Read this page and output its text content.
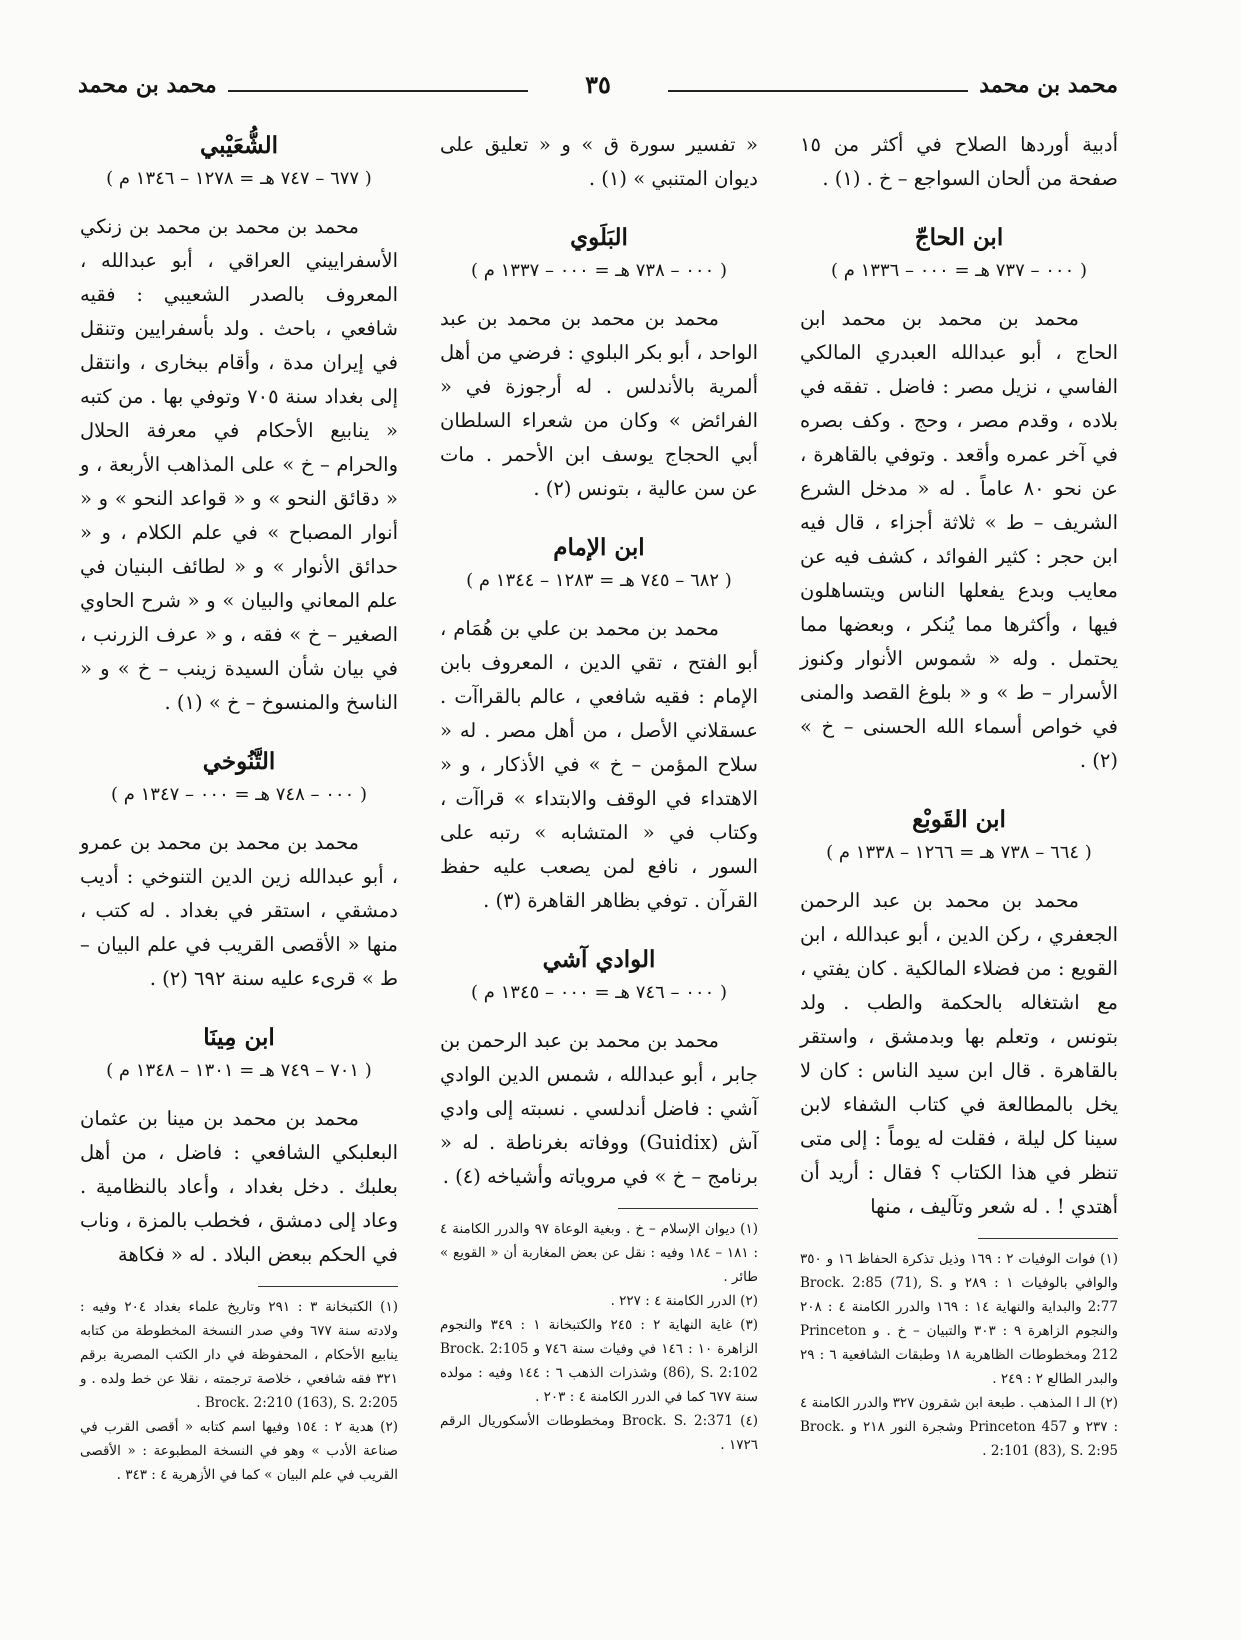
محمد بن محمد
٣٥
محمد بن محمد

أدبية أوردها الصلاح في أكثر من ١٥ صفحة من ألحان السواجع – خ . (١) .

ابن الحاجّ
( ٠٠٠ – ٧٣٧ هـ = ٠٠٠ – ١٣٣٦ م )

محمد بن محمد بن محمد ابن الحاج ، أبو عبدالله العبدري المالكي الفاسي ، نزيل مصر : فاضل . تفقه في بلاده ، وقدم مصر ، وحج . وكف بصره في آخر عمره وأقعد . وتوفي بالقاهرة ، عن نحو ٨٠ عاماً . له « مدخل الشرع الشريف – ط » ثلاثة أجزاء ، قال فيه ابن حجر : كثير الفوائد ، كشف فيه عن معايب وبدع يفعلها الناس ويتساهلون فيها ، وأكثرها مما يُنكر ، وبعضها مما يحتمل . وله « شموس الأنوار وكنوز الأسرار – ط » و « بلوغ القصد والمنى في خواص أسماء الله الحسنى – خ » (٢) .

ابن القَوبْع
( ٦٦٤ – ٧٣٨ هـ = ١٢٦٦ – ١٣٣٨ م )

محمد بن محمد بن عبد الرحمن الجعفري ، ركن الدين ، أبو عبدالله ، ابن القويع : من فضلاء المالكية . كان يفتي ، مع اشتغاله بالحكمة والطب . ولد بتونس ، وتعلم بها وبدمشق ، واستقر بالقاهرة . قال ابن سيد الناس : كان لا يخل بالمطالعة في كتاب الشفاء لابن سينا كل ليلة ، فقلت له يوماً : إلى متى تنظر في هذا الكتاب ؟ فقال : أريد أن أهتدي ! . له شعر وتآليف ، منها

(١) فوات الوفيات ٢ : ١٦٩ وذيل تذكرة الحفاظ ١٦ و ٣٥٠ والوافي بالوفيات ١ : ٢٨٩ و Brock. 2:85 (71), S. 2:77 والبداية والنهاية ١٤ : ١٦٩ والدرر الكامنة ٤ : ٢٠٨ والنجوم الزاهرة ٩ : ٣٠٣ والتبيان – خ . و Princeton 212 ومخطوطات الظاهرية ١٨ وطبقات الشافعية ٦ : ٢٩ والبدر الطالع ٢ : ٢٤٩ .

(٢) الـ ا المذهب . طبعة ابن شقرون ٣٢٧ والدرر الكامنة ٤ : ٢٣٧ و Princeton 457 وشجرة النور ٢١٨ و Brock. 2:101 (83), S. 2:95 .

« تفسير سورة ق » و « تعليق على ديوان المتنبي » (١) .

البَلَوي
( ٠٠٠ – ٧٣٨ هـ = ٠٠٠ – ١٣٣٧ م )

محمد بن محمد بن محمد بن عبد الواحد ، أبو بكر البلوي : فرضي من أهل ألمرية بالأندلس . له أرجوزة في « الفرائض » وكان من شعراء السلطان أبي الحجاج يوسف ابن الأحمر . مات عن سن عالية ، بتونس (٢) .

ابن الإمام
( ٦٨٢ – ٧٤٥ هـ = ١٢٨٣ – ١٣٤٤ م )

محمد بن محمد بن علي بن هُمَام ، أبو الفتح ، تقي الدين ، المعروف بابن الإمام : فقيه شافعي ، عالم بالقراآت . عسقلاني الأصل ، من أهل مصر . له « سلاح المؤمن – خ » في الأذكار ، و « الاهتداء في الوقف والابتداء » قراآت ، وكتاب في « المتشابه » رتبه على السور ، نافع لمن يصعب عليه حفظ القرآن . توفي بظاهر القاهرة (٣) .

الوادي آشي
( ٠٠٠ – ٧٤٦ هـ = ٠٠٠ – ١٣٤٥ م )

محمد بن محمد بن عبد الرحمن بن جابر ، أبو عبدالله ، شمس الدين الوادي آشي : فاضل أندلسي . نسبته إلى وادي آش (Guidix) ووفاته بغرناطة . له « برنامج – خ » في مروياته وأشياخه (٤) .

(١) ديوان الإسلام – خ . وبغية الوعاة ٩٧ والدرر الكامنة ٤ : ١٨١ – ١٨٤ وفيه : نقل عن بعض المغاربة أن « القويع » طائر .

(٢) الدرر الكامنة ٤ : ٢٢٧ .

(٣) غاية النهاية ٢ : ٢٤٥ والكتبخانة ١ : ٣٤٩ والنجوم الزاهرة ١٠ : ١٤٦ في وفيات سنة ٧٤٦ و Brock. 2:105 (86), S. 2:102 وشذرات الذهب ٦ : ١٤٤ وفيه : مولده سنة ٦٧٧ كما في الدرر الكامنة ٤ : ٢٠٣ .

(٤) Brock. S. 2:371 ومخطوطات الأسكوريال الرقم ١٧٢٦ .

الشُّعَيْبي
( ٦٧٧ – ٧٤٧ هـ = ١٢٧٨ – ١٣٤٦ م )

محمد بن محمد بن محمد بن زنكي الأسفراييني العراقي ، أبو عبدالله ، المعروف بالصدر الشعيبي : فقيه شافعي ، باحث . ولد بأسفرايين وتنقل في إيران مدة ، وأقام ببخارى ، وانتقل إلى بغداد سنة ٧٠٥ وتوفي بها . من كتبه « ينابيع الأحكام في معرفة الحلال والحرام – خ » على المذاهب الأربعة ، و « دقائق النحو » و « قواعد النحو » و « أنوار المصباح » في علم الكلام ، و « حدائق الأنوار » و « لطائف البنيان في علم المعاني والبيان » و « شرح الحاوي الصغير – خ » فقه ، و « عرف الزرنب ، في بيان شأن السيدة زينب – خ » و « الناسخ والمنسوخ – خ » (١) .

التَّنُوخي
( ٠٠٠ – ٧٤٨ هـ = ٠٠٠ – ١٣٤٧ م )

محمد بن محمد بن محمد بن عمرو ، أبو عبدالله زين الدين التنوخي : أديب دمشقي ، استقر في بغداد . له كتب ، منها « الأقصى القريب في علم البيان – ط » قرىء عليه سنة ٦٩٢ (٢) .

ابن مِينَا
( ٧٠١ – ٧٤٩ هـ = ١٣٠١ – ١٣٤٨ م )

محمد بن محمد بن مينا بن عثمان البعلبكي الشافعي : فاضل ، من أهل بعلبك . دخل بغداد ، وأعاد بالنظامية . وعاد إلى دمشق ، فخطب بالمزة ، وناب في الحكم ببعض البلاد . له « فكاهة

(١) الكتبخانة ٣ : ٢٩١ وتاريخ علماء بغداد ٢٠٤ وفيه : ولادته سنة ٦٧٧ وفي صدر النسخة المخطوطة من كتابه ينابيع الأحكام ، المحفوظة في دار الكتب المصرية برقم ٣٢١ فقه شافعي ، خلاصة ترجمته ، نقلا عن خط ولده . و Brock. 2:210 (163), S. 2:205 .

(٢) هدية ٢ : ١٥٤ وفيها اسم كتابه « أقصى القرب في صناعة الأدب » وهو في النسخة المطبوعة : « الأقصى القريب في علم البيان » كما في الأزهرية ٤ : ٣٤٣ .
